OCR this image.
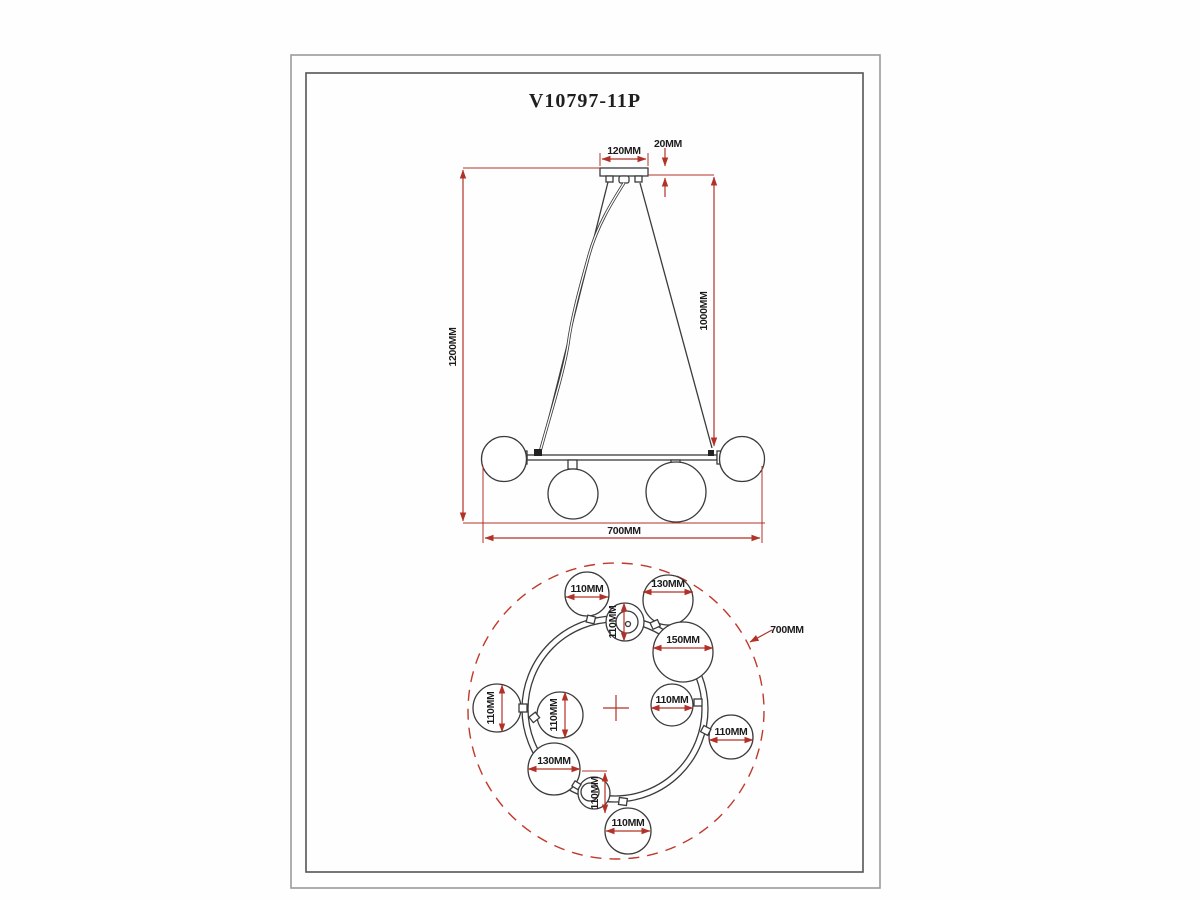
V10797-11P
120MM
20MM
1000MM
1200MM
700MM
110MM
110MM
130MM
150MM
110MM
110MM
110MM	110MM
130MM
110MM
110MM
700MM
